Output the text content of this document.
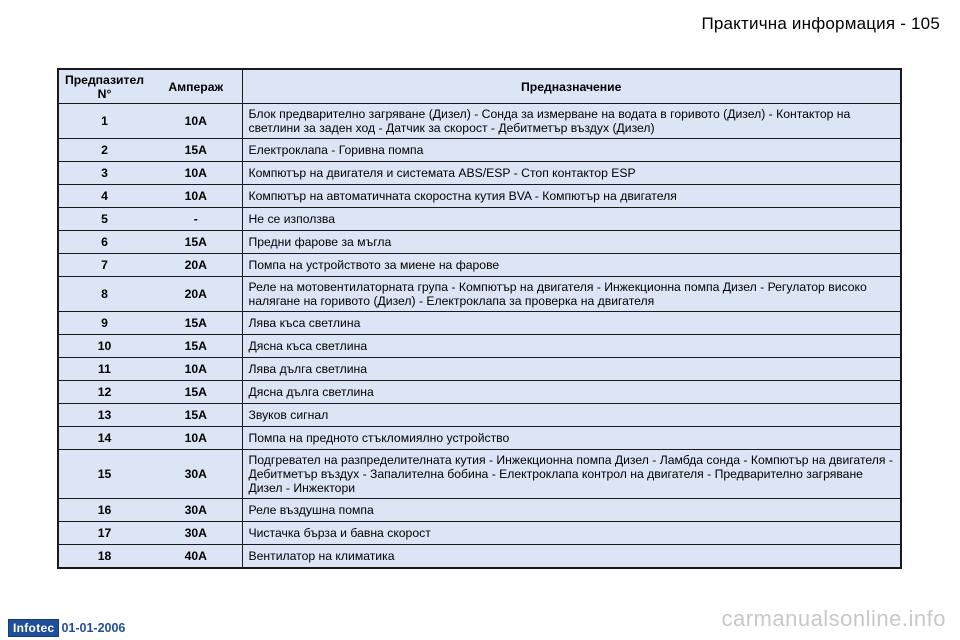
Практична информация - 105
Предпазител N°	Ампераж	Предназначение
1	10A	Блок предварително загряване (Дизел) - Сонда за измерване на водата в горивото (Дизел) - Контактор на светлини за заден ход - Датчик за скорост - Дебитметър въздух (Дизел)
2	15A	Електроклапа - Горивна помпа
3	10A	Компютър на двигателя и системата ABS/ESP - Стоп контактор ESP
4	10A	Компютър на автоматичната скоростна кутия BVA - Компютър на двигателя
5	-	Не се използва
6	15A	Предни фарове за мъгла
7	20A	Помпа на устройството за миене на фарове
8	20A	Реле на мотовентилаторната група - Компютър на двигателя - Инжекционна помпа Дизел - Регулатор високо налягане на горивото (Дизел) - Електроклапа за проверка на двигателя
9	15A	Лява къса светлина
10	15A	Дясна къса светлина
11	10A	Лява дълга светлина
12	15A	Дясна дълга светлина
13	15A	Звуков сигнал
14	10A	Помпа на предното стъкломиялно устройство
15	30A	Подгревател на разпределителната кутия - Инжекционна помпа Дизел - Ламбда сонда - Компютър на двигателя - Дебитметър въздух - Запалителна бобина - Електроклапа контрол на двигателя - Предварително загряване Дизел - Инжектори
16	30A	Реле въздушна помпа
17	30A	Чистачка бърза и бавна скорост
18	40A	Вентилатор на климатика
Infotec 01-01-2006	carmanualsonline.info
